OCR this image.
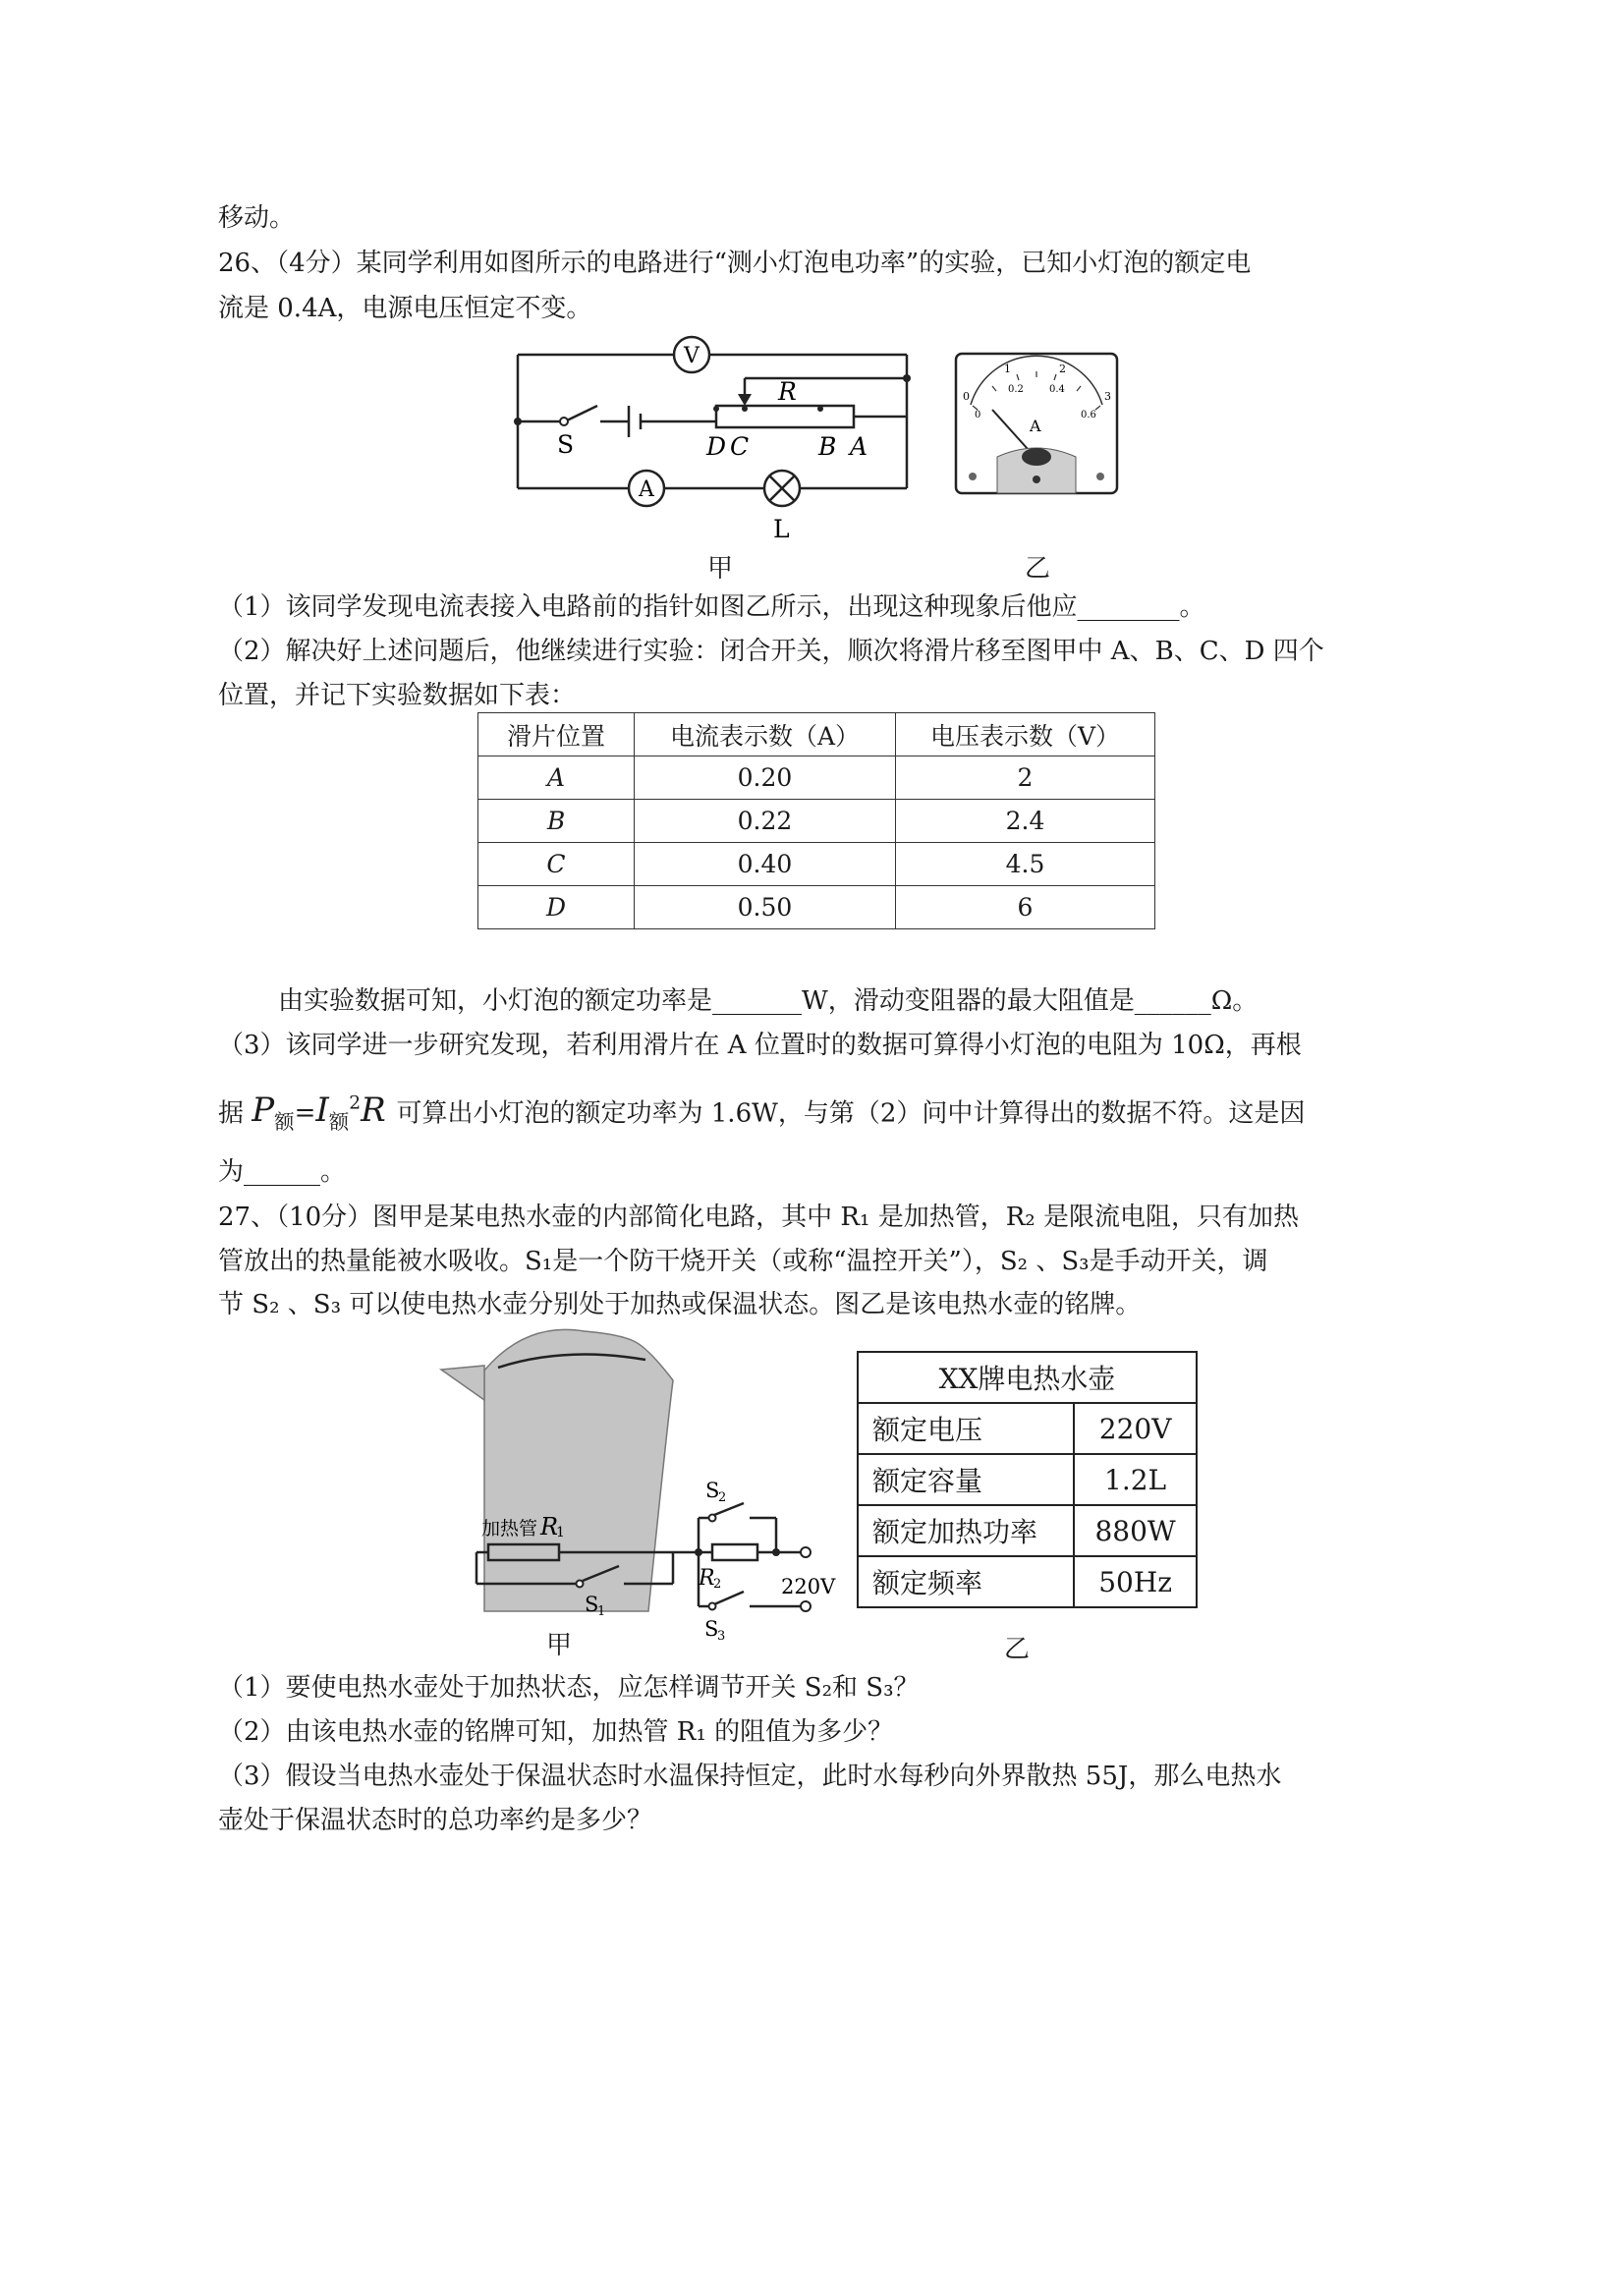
移动。
26、（4分）某同学利用如图所示的电路进行“测小灯泡电功率”的实验，已知小灯泡的额定电
流是 0.4A，电源电压恒定不变。
V
A
R
S
L
D C	B A
0
1	2
3
0
0.2	0.4
0.6
A
甲	乙
（1）该同学发现电流表接入电路前的指针如图乙所示，出现这种现象后他应________。
（2）解决好上述问题后，他继续进行实验：闭合开关，顺次将滑片移至图甲中 A、B、C、D 四个
位置，并记下实验数据如下表：
滑片位置	电流表示数（A）	电压表示数（V）
A	0.20	2
B	0.22	2.4
C	0.40	4.5
D	0.50	6
由实验数据可知，小灯泡的额定功率是_______W，滑动变阻器的最大阻值是______Ω。
（3）该同学进一步研究发现，若利用滑片在 A 位置时的数据可算得小灯泡的电阻为 10Ω，再根
据 $P_额=I_额^2R$ 可算出小灯泡的额定功率为 1.6W，与第（2）问中计算得出的数据不符。这是因
为______。
27、（10分）图甲是某电热水壶的内部简化电路，其中 R₁ 是加热管，R₂ 是限流电阻，只有加热
管放出的热量能被水吸收。S₁是一个防干烧开关（或称“温控开关”），S₂ 、S₃是手动开关，调
节 S₂ 、S₃ 可以使电热水壶分别处于加热或保温状态。图乙是该电热水壶的铭牌。
加热管 R
1
S
1
S
2
R
2
S
3
220V
XX牌电热水壶	
额定电压	220V
额定容量	1.2L
额定加热功率	880W
额定频率	50Hz
甲	乙
（1）要使电热水壶处于加热状态，应怎样调节开关 S₂和 S₃？
（2）由该电热水壶的铭牌可知，加热管 R₁ 的阻值为多少？
（3）假设当电热水壶处于保温状态时水温保持恒定，此时水每秒向外界散热 55J，那么电热水
壶处于保温状态时的总功率约是多少？
